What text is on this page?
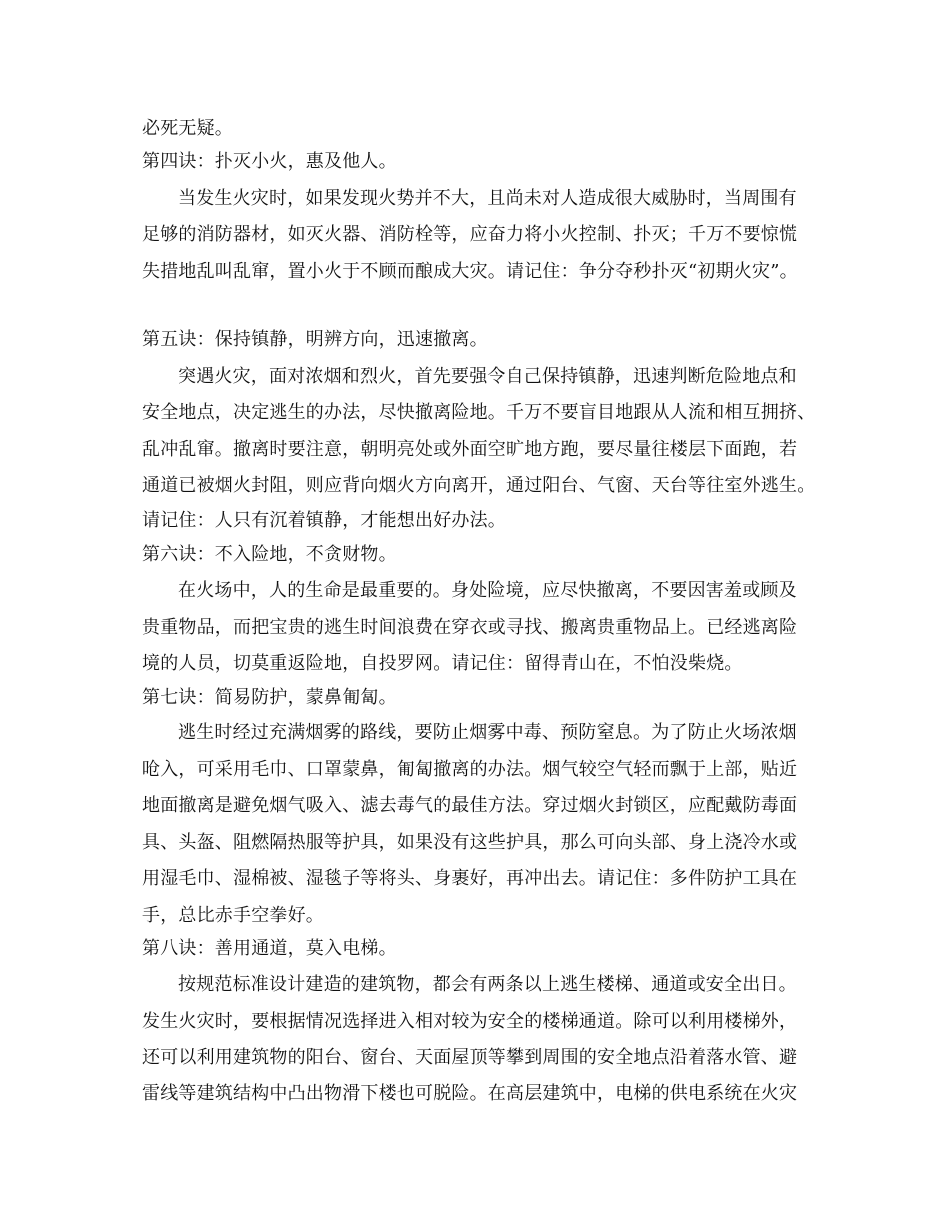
必死无疑。
第四诀：扑灭小火，惠及他人。
当发生火灾时，如果发现火势并不大，且尚未对人造成很大威胁时，当周围有
足够的消防器材，如灭火器、消防栓等，应奋力将小火控制、扑灭；千万不要惊慌
失措地乱叫乱窜，置小火于不顾而酿成大灾。请记住：争分夺秒扑灭“初期火灾”。
第五诀：保持镇静，明辨方向，迅速撤离。
突遇火灾，面对浓烟和烈火，首先要强令自己保持镇静，迅速判断危险地点和
安全地点，决定逃生的办法，尽快撤离险地。千万不要盲目地跟从人流和相互拥挤、
乱冲乱窜。撤离时要注意，朝明亮处或外面空旷地方跑，要尽量往楼层下面跑，若
通道已被烟火封阻，则应背向烟火方向离开，通过阳台、气窗、天台等往室外逃生。
请记住：人只有沉着镇静，才能想出好办法。
第六诀：不入险地，不贪财物。
在火场中，人的生命是最重要的。身处险境，应尽快撤离，不要因害羞或顾及
贵重物品，而把宝贵的逃生时间浪费在穿衣或寻找、搬离贵重物品上。已经逃离险
境的人员，切莫重返险地，自投罗网。请记住：留得青山在，不怕没柴烧。
第七诀：简易防护，蒙鼻匍匐。
逃生时经过充满烟雾的路线，要防止烟雾中毒、预防窒息。为了防止火场浓烟
呛入，可采用毛巾、口罩蒙鼻，匍匐撤离的办法。烟气较空气轻而飘于上部，贴近
地面撤离是避免烟气吸入、滤去毒气的最佳方法。穿过烟火封锁区，应配戴防毒面
具、头盔、阻燃隔热服等护具，如果没有这些护具，那么可向头部、身上浇冷水或
用湿毛巾、湿棉被、湿毯子等将头、身裹好，再冲出去。请记住：多件防护工具在
手，总比赤手空拳好。
第八诀：善用通道，莫入电梯。
按规范标准设计建造的建筑物，都会有两条以上逃生楼梯、通道或安全出日。
发生火灾时，要根据情况选择进入相对较为安全的楼梯通道。除可以利用楼梯外，
还可以利用建筑物的阳台、窗台、天面屋顶等攀到周围的安全地点沿着落水管、避
雷线等建筑结构中凸出物滑下楼也可脱险。在高层建筑中，电梯的供电系统在火灾
